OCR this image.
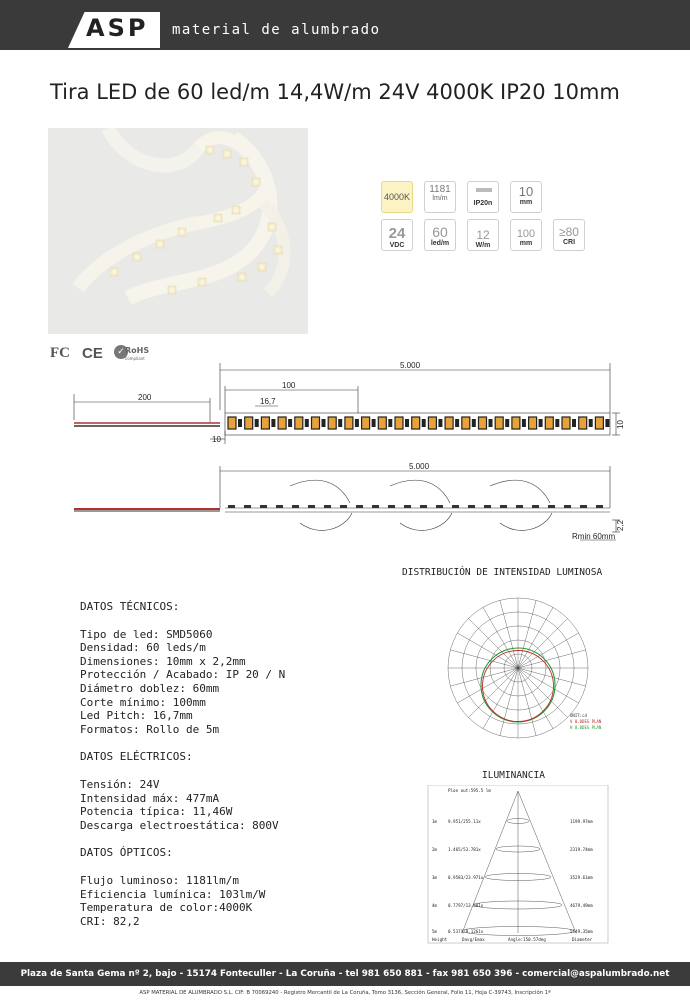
ASP material de alumbrado
Tira LED de 60 led/m 14,4W/m 24V 4000K IP20 10mm
4000K
1181
lm/m
IP20n
10
mm
24
VDC
60
led/m
12
W/m
100
mm
≥80
CRI
FC CE	✓ RoHS
compliant
5.000
100
16,7
200
10
5.000
Rmin 60mm
10
2,2
DATOS TÉCNICOS:
Tipo de led: SMD5060
Densidad: 60 leds/m
Dimensiones: 10mm x 2,2mm
Protección / Acabado: IP 20 / N
Diámetro doblez: 60mm
Corte mínimo: 100mm
Led Pitch: 16,7mm
Formatos: Rollo de 5m
DATOS ELÉCTRICOS:
Tensión: 24V
Intensidad máx: 477mA
Potencia típica: 11,46W
Descarga electroestática: 800V
DATOS ÓPTICOS:
Flujo luminoso: 1181lm/m
Eficiencia lumínica: 103lm/W
Temperatura de color:4000K
CRI: 82,2
DISTRIBUCIÓN DE INTENSIDAD LUMINOSA
UNIT:cd
V 0.0DEG PLAN
H 0.0DEG PLAN
ILUMINANCIA
Ploe out:595.5 lm
1m	9.951/255.11x	1199.97mm
2m	1.465/53.781x	2319.74mm
3m	0.9583/23.971x	3529.61mm
4m	0.7797/13.601x	4679.49mm
5m	0.5371/8.1261x	5549.35mm
Height	Davg/Emax	Angle:150.57deg	Diameter
Plaza de Santa Gema nº 2, bajo - 15174 Fonteculler - La Coruña - tel 981 650 881 - fax 981 650 396 - comercial@aspalumbrado.net
ASP MATERIAL DE ALUMBRADO S.L. CIF: B 70069240 - Registro Mercantil de La Coruña, Tomo 3136, Sección General, Folio 11, Hoja C-39743, Inscripción 1ª
